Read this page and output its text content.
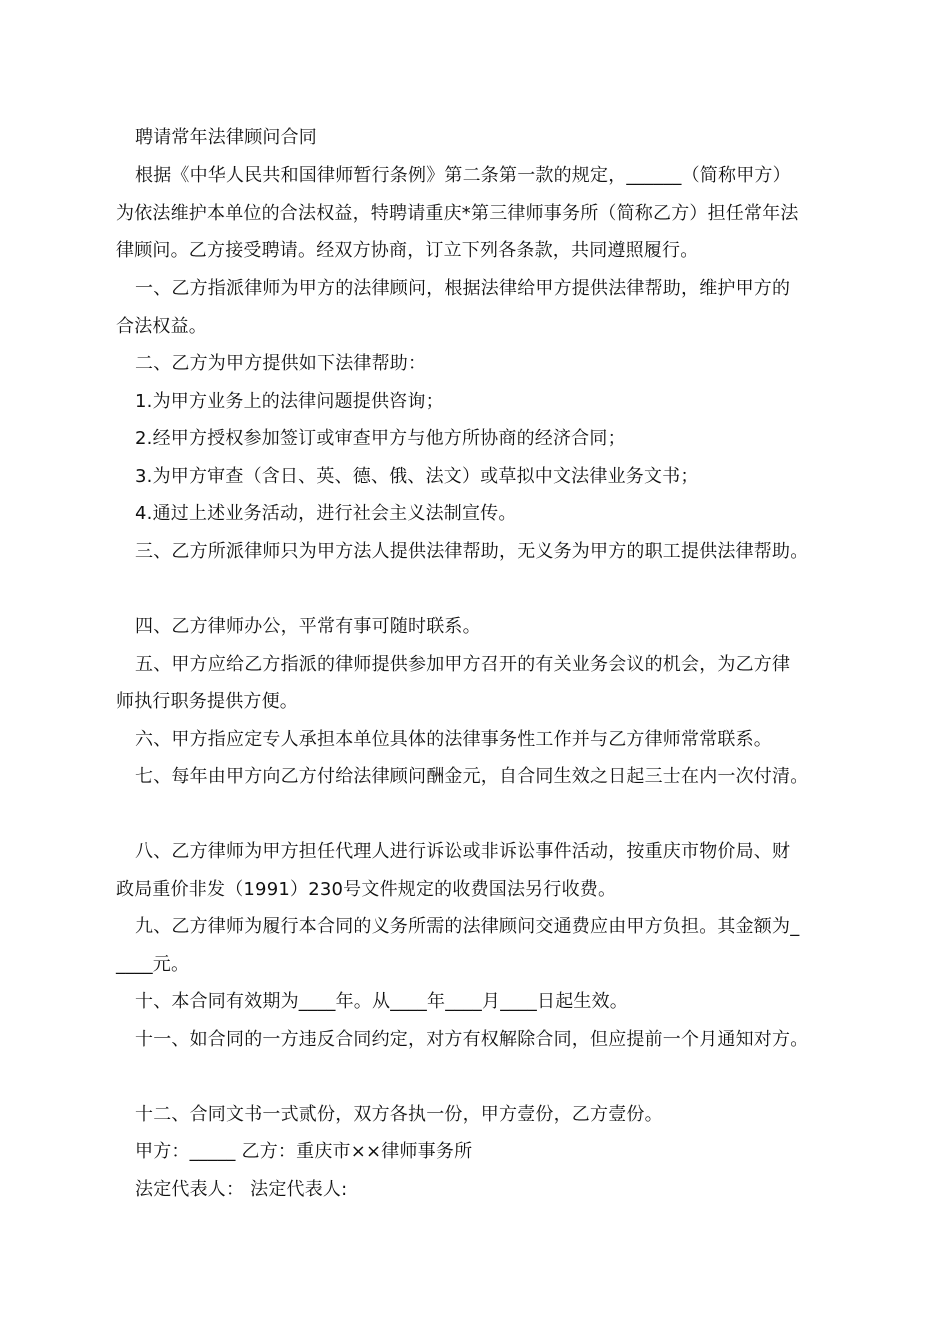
聘请常年法律顾问合同
根据《中华人民共和国律师暂行条例》第二条第一款的规定，______（简称甲方）
为依法维护本单位的合法权益，特聘请重庆*第三律师事务所（简称乙方）担任常年法
律顾问。乙方接受聘请。经双方协商，订立下列各条款，共同遵照履行。
一、乙方指派律师为甲方的法律顾问，根据法律给甲方提供法律帮助，维护甲方的
合法权益。
二、乙方为甲方提供如下法律帮助：
1.为甲方业务上的法律问题提供咨询；
2.经甲方授权参加签订或审查甲方与他方所协商的经济合同；
3.为甲方审查（含日、英、德、俄、法文）或草拟中文法律业务文书；
4.通过上述业务活动，进行社会主义法制宣传。
三、乙方所派律师只为甲方法人提供法律帮助，无义务为甲方的职工提供法律帮助。
四、乙方律师办公，平常有事可随时联系。
五、甲方应给乙方指派的律师提供参加甲方召开的有关业务会议的机会，为乙方律
师执行职务提供方便。
六、甲方指应定专人承担本单位具体的法律事务性工作并与乙方律师常常联系。
七、每年由甲方向乙方付给法律顾问酬金元，自合同生效之日起三士在内一次付清。
八、乙方律师为甲方担任代理人进行诉讼或非诉讼事件活动，按重庆市物价局、财
政局重价非发（1991）230号文件规定的收费国法另行收费。
九、乙方律师为履行本合同的义务所需的法律顾问交通费应由甲方负担。其金额为_
____元。
十、本合同有效期为____年。从____年____月____日起生效。
十一、如合同的一方违反合同约定，对方有权解除合同，但应提前一个月通知对方。
十二、合同文书一式贰份，双方各执一份，甲方壹份，乙方壹份。
甲方：_____ 乙方：重庆市××律师事务所
法定代表人： 法定代表人:
